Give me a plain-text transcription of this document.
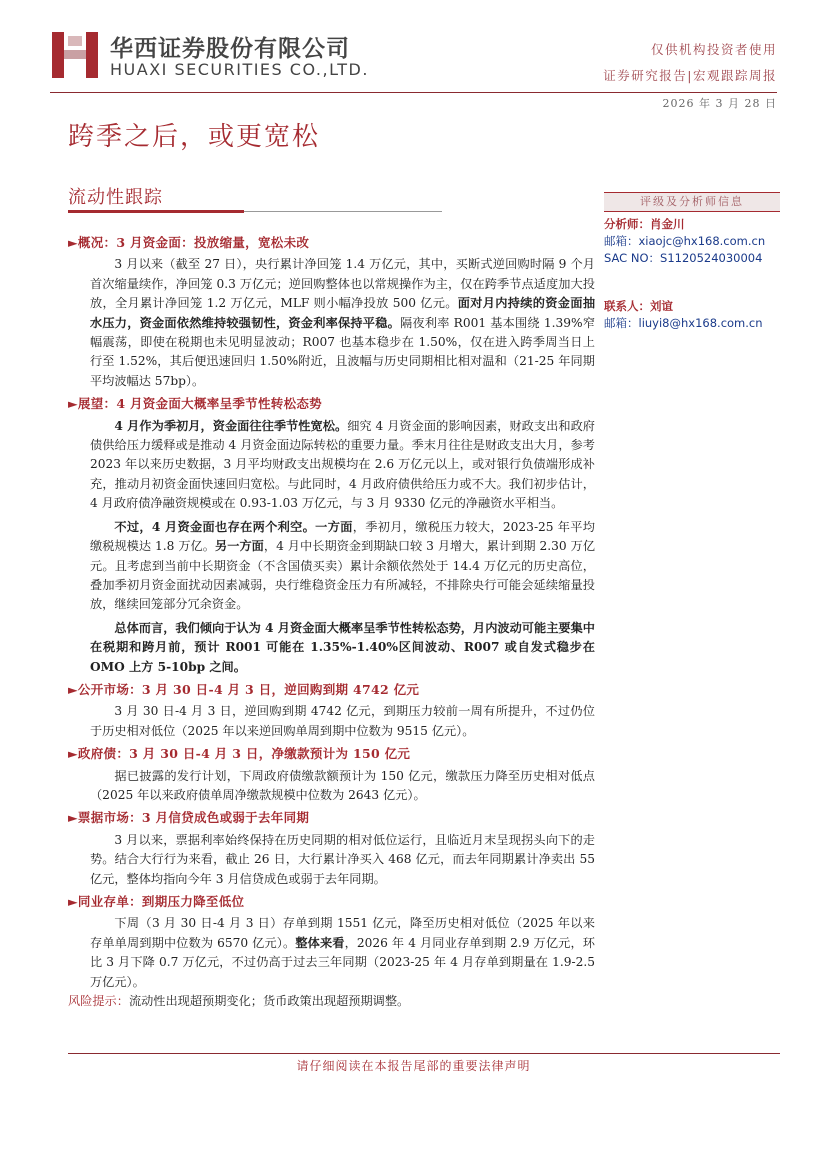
华西证券股份有限公司
HUAXI SECURITIES CO.,LTD.
仅供机构投资者使用
证券研究报告|宏观跟踪周报
2026 年 3 月 28 日
跨季之后，或更宽松
流动性跟踪	评级及分析师信息
分析师：肖金川
邮箱：xiaojc@hx168.com.cn
SAC NO：S1120524030004
联系人：刘谊
邮箱：liuyi8@hx168.com.cn

►概况：3 月资金面：投放缩量，宽松未改

3 月以来（截至 27 日），央行累计净回笼 1.4 万亿元，其中，买断式逆回购时隔 9 个月首次缩量续作，净回笼 0.3 万亿元；逆回购整体也以常规操作为主，仅在跨季节点适度加大投放，全月累计净回笼 1.2 万亿元，MLF 则小幅净投放 500 亿元。面对月内持续的资金面抽水压力，资金面依然维持较强韧性，资金利率保持平稳。隔夜利率 R001 基本围绕 1.39%窄幅震荡，即使在税期也未见明显波动；R007 也基本稳步在 1.50%，仅在进入跨季周当日上行至 1.52%，其后便迅速回归 1.50%附近，且波幅与历史同期相比相对温和（21-25 年同期平均波幅达 57bp）。

►展望：4 月资金面大概率呈季节性转松态势

4 月作为季初月，资金面往往季节性宽松。细究 4 月资金面的影响因素，财政支出和政府债供给压力缓释或是推动 4 月资金面边际转松的重要力量。季末月往往是财政支出大月，参考 2023 年以来历史数据，3 月平均财政支出规模均在 2.6 万亿元以上，或对银行负债端形成补充，推动月初资金面快速回归宽松。与此同时，4 月政府债供给压力或不大。我们初步估计，4 月政府债净融资规模或在 0.93-1.03 万亿元，与 3 月 9330 亿元的净融资水平相当。

不过，4 月资金面也存在两个利空。一方面，季初月，缴税压力较大，2023-25 年平均缴税规模达 1.8 万亿。另一方面，4 月中长期资金到期缺口较 3 月增大，累计到期 2.30 万亿元。且考虑到当前中长期资金（不含国债买卖）累计余额依然处于 14.4 万亿元的历史高位，叠加季初月资金面扰动因素减弱，央行维稳资金压力有所减轻，不排除央行可能会延续缩量投放，继续回笼部分冗余资金。

总体而言，我们倾向于认为 4 月资金面大概率呈季节性转松态势，月内波动可能主要集中在税期和跨月前，预计 R001 可能在 1.35%-1.40%区间波动、R007 或自发式稳步在 OMO 上方 5-10bp 之间。

►公开市场：3 月 30 日-4 月 3 日，逆回购到期 4742 亿元

3 月 30 日-4 月 3 日，逆回购到期 4742 亿元，到期压力较前一周有所提升，不过仍位于历史相对低位（2025 年以来逆回购单周到期中位数为 9515 亿元）。

►政府债：3 月 30 日-4 月 3 日，净缴款预计为 150 亿元

据已披露的发行计划，下周政府债缴款额预计为 150 亿元，缴款压力降至历史相对低点（2025 年以来政府债单周净缴款规模中位数为 2643 亿元）。

►票据市场：3 月信贷成色或弱于去年同期

3 月以来，票据利率始终保持在历史同期的相对低位运行，且临近月末呈现拐头向下的走势。结合大行行为来看，截止 26 日，大行累计净买入 468 亿元，而去年同期累计净卖出 55 亿元，整体均指向今年 3 月信贷成色或弱于去年同期。

►同业存单：到期压力降至低位

下周（3 月 30 日-4 月 3 日）存单到期 1551 亿元，降至历史相对低位（2025 年以来存单单周到期中位数为 6570 亿元）。整体来看，2026 年 4 月同业存单到期 2.9 万亿元，环比 3 月下降 0.7 万亿元，不过仍高于过去三年同期（2023-25 年 4 月存单到期量在 1.9-2.5 万亿元）。

风险提示：流动性出现超预期变化；货币政策出现超预期调整。

请仔细阅读在本报告尾部的重要法律声明
